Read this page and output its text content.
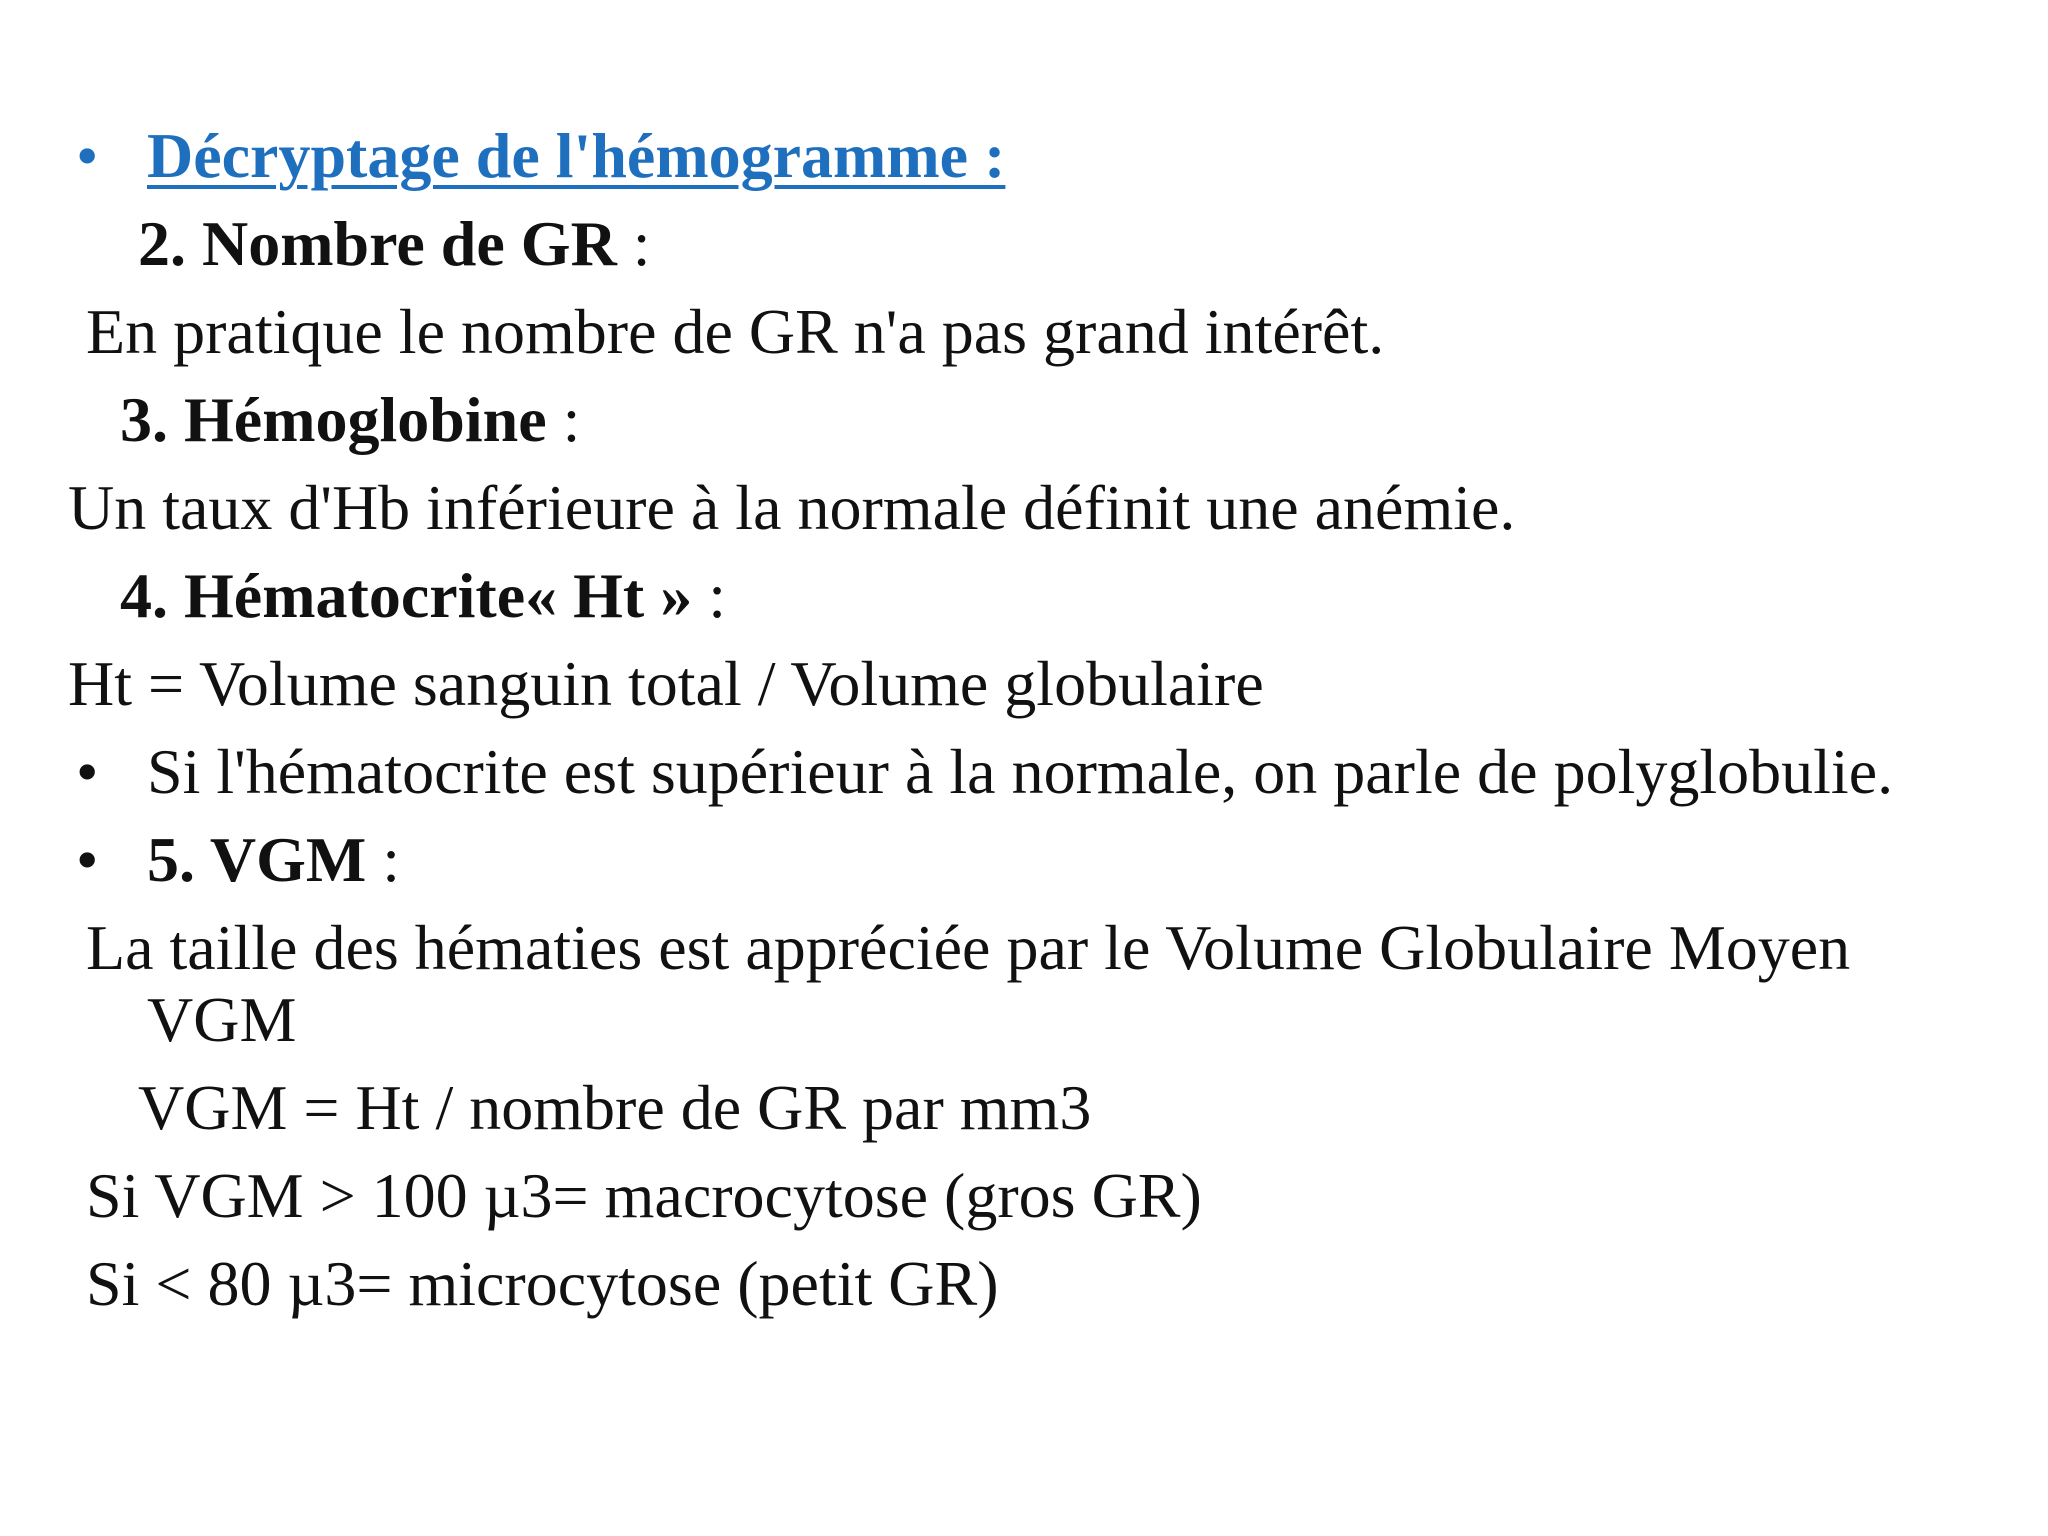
• Décryptage de l'hémogramme :

2. Nombre de GR :

En pratique le nombre de GR n'a pas grand intérêt.

3. Hémoglobine :

Un taux d'Hb inférieure à la normale définit une anémie.

4. Hématocrite« Ht » :

Ht = Volume sanguin total / Volume globulaire

• Si l'hématocrite est supérieur à la normale, on parle de polyglobulie.

• 5. VGM :

La taille des hématies est appréciée par le Volume Globulaire Moyen

VGM

VGM = Ht / nombre de GR par mm3

Si VGM > 100 µ3= macrocytose (gros GR)

Si < 80 µ3= microcytose (petit GR)
